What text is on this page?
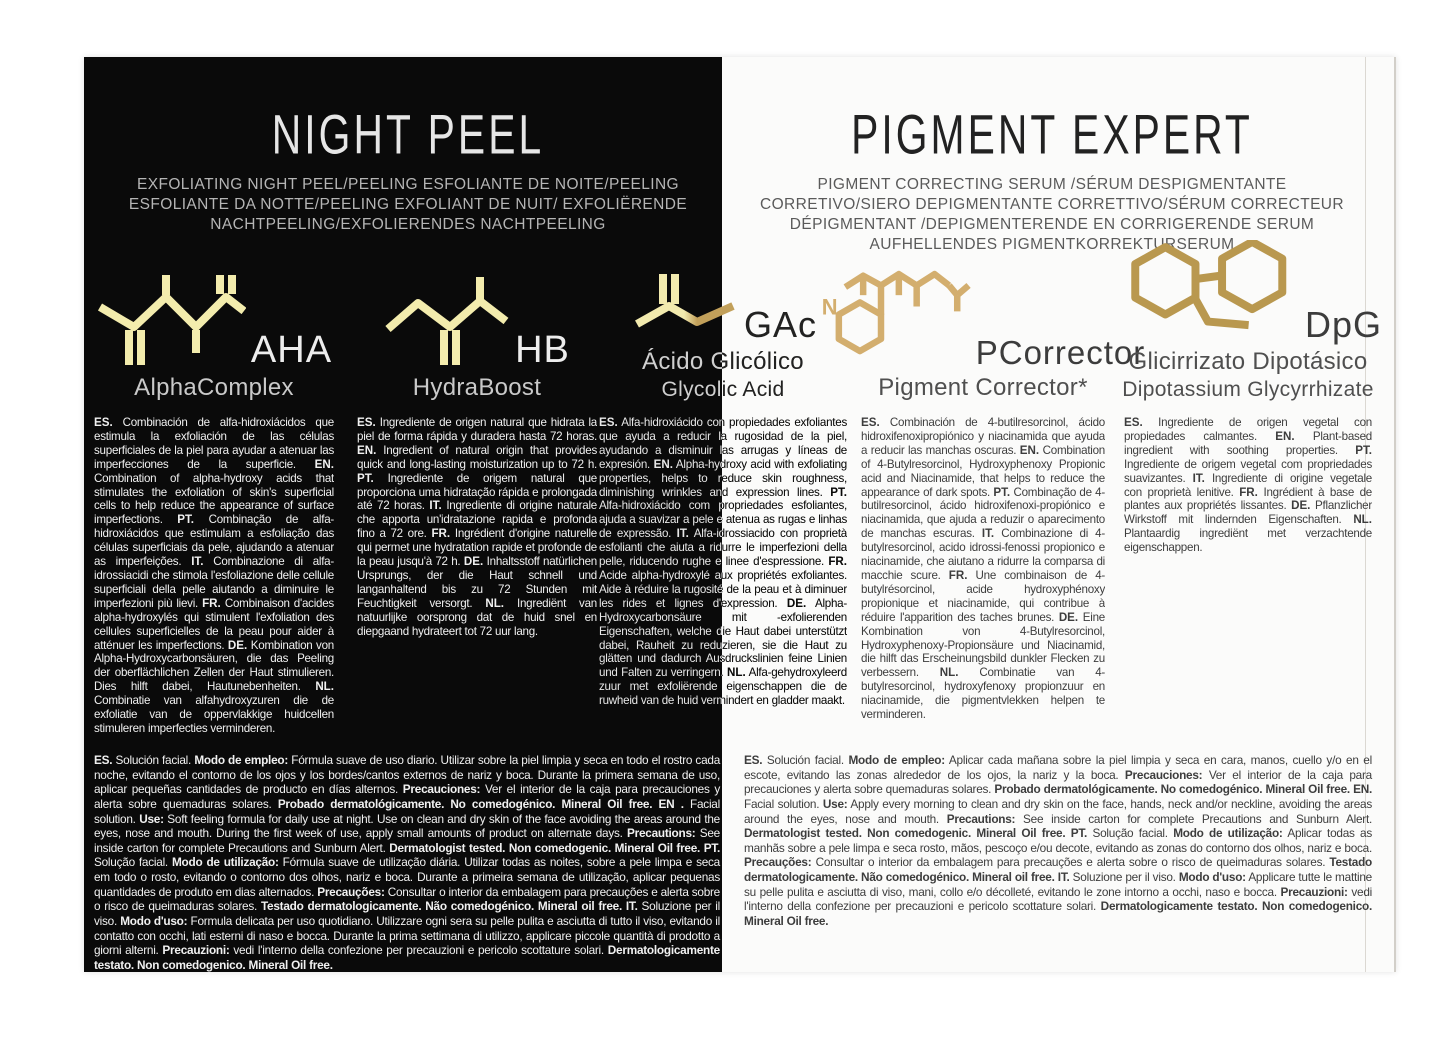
NIGHT PEEL
EXFOLIATING NIGHT PEEL/PEELING ESFOLIANTE DE NOITE/PEELING ESFOLIANTE DA NOTTE/PEELING EXFOLIANT DE NUIT/ EXFOLIËRENDE NACHTPEELING/EXFOLIERENDES NACHTPEELING
PIGMENT EXPERT
PIGMENT CORRECTING SERUM /SÉRUM DESPIGMENTANTE CORRETIVO/SIERO DEPIGMENTANTE CORRETTIVO/SÉRUM CORRECTEUR DÉPIGMENTANT /DEPIGMENTERENDE EN CORRIGERENDE SERUM AUFHELLENDES PIGMENTKORREKTURSERUM
AHA
AlphaComplex
ES. Combinación de alfa-hidroxiácidos que estimula la exfoliación de las células superficiales de la piel para ayudar a atenuar las imperfecciones de la superficie. EN. Combination of alpha-hydroxy acids that stimulates the exfoliation of skin's superficial cells to help reduce the appearance of surface imperfections. PT. Combinação de alfa-hidroxiácidos que estimulam a esfoliação das células superficiais da pele, ajudando a atenuar as imperfeições. IT. Combinazione di alfa-idrossiacidi che stimola l'esfoliazione delle cellule superficiali della pelle aiutando a diminuire le imperfezioni più lievi. FR. Combinaison d'acides alpha-hydroxylés qui stimulent l'exfoliation des cellules superficielles de la peau pour aider à atténuer les imperfections. DE. Kombination von Alpha-Hydroxycarbonsäuren, die das Peeling der oberflächlichen Zellen der Haut stimulieren. Dies hilft dabei, Hautunebenheiten. NL. Combinatie van alfahydroxyzuren die de exfoliatie van de oppervlakkige huidcellen stimuleren imperfecties verminderen.
HB
HydraBoost
ES. Ingrediente de origen natural que hidrata la piel de forma rápida y duradera hasta 72 horas. EN. Ingredient of natural origin that provides quick and long-lasting moisturization up to 72 h. PT. Ingrediente de origem natural que proporciona uma hidratação rápida e prolongada até 72 horas. IT. Ingrediente di origine naturale che apporta un'idratazione rapida e profonda fino a 72 ore. FR. Ingrédient d'origine naturelle qui permet une hydratation rapide et profonde de la peau jusqu'à 72 h. DE. Inhaltsstoff natürlichen Ursprungs, der die Haut schnell und langanhaltend bis zu 72 Stunden mit Feuchtigkeit versorgt. NL. Ingrediënt van natuurlijke oorsprong dat de huid snel en diepgaand hydrateert tot 72 uur lang.
GAc
Ácido Glicólico
Glycolic Acid
ES. Alfa-hidroxiácido con propiedades exfoliantes que ayuda a reducir la rugosidad de la piel, ayudando a disminuir las arrugas y líneas de expresión. EN. Alpha-hydroxy acid with exfoliating properties, helps to reduce skin roughness, diminishing wrinkles and expression lines. PT. Alfa-hidroxiácido com propriedades esfoliantes, ajuda a suavizar a pele e atenua as rugas e linhas de expressão. IT. Alfa-idrossiacido con proprietà esfolianti che aiuta a ridurre le imperfezioni della pelle, riducendo rughe e linee d'espressione. FR. Acide alpha-hydroxylé aux propriétés exfoliantes. Aide à réduire la rugosité de la peau et à diminuer les rides et lignes d'expression. DE. Alpha-Hydroxycarbonsäure mit -exfolierenden Eigenschaften, welche die Haut dabei unterstützt dabei, Rauheit zu reduzieren, sie die Haut zu glätten und dadurch Ausdruckslinien feine Linien und Falten zu verringern. NL. Alfa-gehydroxyleerd zuur met exfoliërende eigenschappen die de ruwheid van de huid vermindert en gladder maakt.
N
PCorrector
Pigment Corrector*
ES. Combinación de 4-butilresorcinol, ácido hidroxifenoxipropiónico y niacinamida que ayuda a reducir las manchas oscuras. EN. Combination of 4-Butylresorcinol, Hydroxyphenoxy Propionic acid and Niacinamide, that helps to reduce the appearance of dark spots. PT. Combinação de 4-butilresorcinol, ácido hidroxifenoxi-propiónico e niacinamida, que ajuda a reduzir o aparecimento de manchas escuras. IT. Combinazione di 4-butylresorcinol, acido idrossi-fenossi propionico e niacinamide, che aiutano a ridurre la comparsa di macchie scure. FR. Une combinaison de 4-butylrésorcinol, acide hydroxyphénoxy propionique et niacinamide, qui contribue à réduire l'apparition des taches brunes. DE. Eine Kombination von 4-Butylresorcinol, Hydroxyphenoxy-Propionsäure und Niacinamid, die hilft das Erscheinungsbild dunkler Flecken zu verbessern. NL. Combinatie van 4-butylresorcinol, hydroxyfenoxy propionzuur en niacinamide, die pigmentvlekken helpen te verminderen.
DpG
Glicirrizato Dipotásico
Dipotassium Glycyrrhizate
ES. Ingrediente de origen vegetal con propiedades calmantes. EN. Plant-based ingredient with soothing properties. PT. Ingrediente de origem vegetal com propriedades suavizantes. IT. Ingrediente di origine vegetale con proprietà lenitive. FR. Ingrédient à base de plantes aux propriétés lissantes. DE. Pflanzlicher Wirkstoff mit lindernden Eigenschaften. NL. Plantaardig ingrediënt met verzachtende eigenschappen.
ES. Solución facial. Modo de empleo: Fórmula suave de uso diario. Utilizar sobre la piel limpia y seca en todo el rostro cada noche, evitando el contorno de los ojos y los bordes/cantos externos de nariz y boca. Durante la primera semana de uso, aplicar pequeñas cantidades de producto en días alternos. Precauciones: Ver el interior de la caja para precauciones y alerta sobre quemaduras solares. Probado dermatológicamente. No comedogénico. Mineral Oil free. EN . Facial solution. Use: Soft feeling formula for daily use at night. Use on clean and dry skin of the face avoiding the areas around the eyes, nose and mouth. During the first week of use, apply small amounts of product on alternate days. Precautions: See inside carton for complete Precautions and Sunburn Alert. Dermatologist tested. Non comedogenic. Mineral Oil free. PT. Solução facial. Modo de utilização: Fórmula suave de utilização diária. Utilizar todas as noites, sobre a pele limpa e seca em todo o rosto, evitando o contorno dos olhos, nariz e boca. Durante a primeira semana de utilização, aplicar pequenas quantidades de produto em dias alternados. Precauções: Consultar o interior da embalagem para precauções e alerta sobre o risco de queimaduras solares. Testado dermatologicamente. Não comedogénico. Mineral oil free. IT. Soluzione per il viso. Modo d'uso: Formula delicata per uso quotidiano. Utilizzare ogni sera su pelle pulita e asciutta di tutto il viso, evitando il contatto con occhi, lati esterni di naso e bocca. Durante la prima settimana di utilizzo, applicare piccole quantità di prodotto a giorni alterni. Precauzioni: vedi l'interno della confezione per precauzioni e pericolo scottature solari. Dermatologicamente testato. Non comedogenico. Mineral Oil free.
ES. Solución facial. Modo de empleo: Aplicar cada mañana sobre la piel limpia y seca en cara, manos, cuello y/o en el escote, evitando las zonas alrededor de los ojos, la nariz y la boca. Precauciones: Ver el interior de la caja para precauciones y alerta sobre quemaduras solares. Probado dermatológicamente. No comedogénico. Mineral Oil free. EN. Facial solution. Use: Apply every morning to clean and dry skin on the face, hands, neck and/or neckline, avoiding the areas around the eyes, nose and mouth. Precautions: See inside carton for complete Precautions and Sunburn Alert. Dermatologist tested. Non comedogenic. Mineral Oil free. PT. Solução facial. Modo de utilização: Aplicar todas as manhãs sobre a pele limpa e seca rosto, mãos, pescoço e/ou decote, evitando as zonas do contorno dos olhos, nariz e boca. Precauções: Consultar o interior da embalagem para precauções e alerta sobre o risco de queimaduras solares. Testado dermatologicamente. Não comedogénico. Mineral oil free. IT. Soluzione per il viso. Modo d'uso: Applicare tutte le mattine su pelle pulita e asciutta di viso, mani, collo e/o décolleté, evitando le zone intorno a occhi, naso e bocca. Precauzioni: vedi l'interno della confezione per precauzioni e pericolo scottature solari. Dermatologicamente testato. Non comedogenico. Mineral Oil free.
